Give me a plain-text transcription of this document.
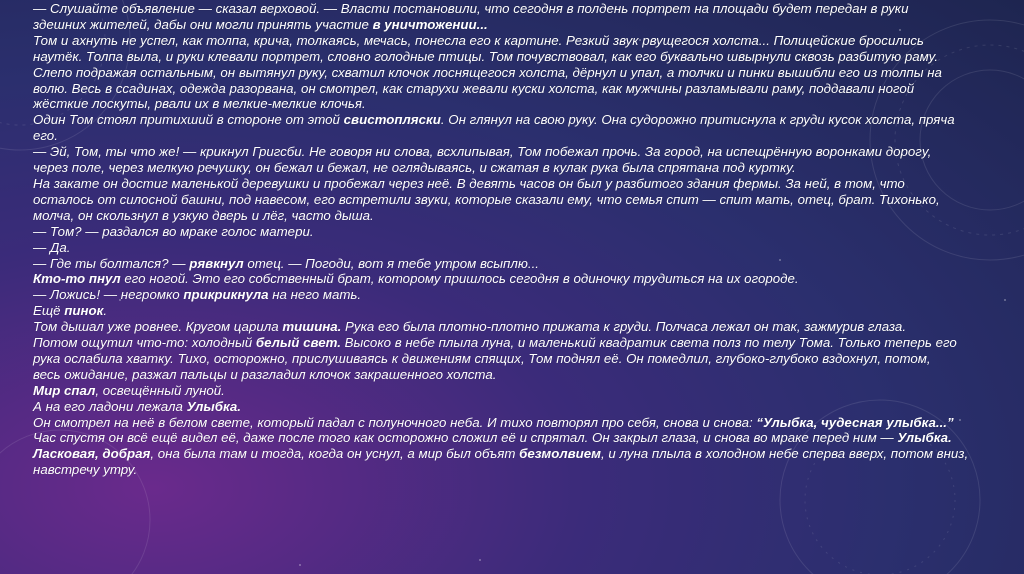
— Слушайте объявление — сказал верховой. — Власти постановили, что сегодня в полдень портрет на площади будет передан в руки

здешних жителей, дабы они могли принять участие в уничтожении...

Том и ахнуть не успел, как толпа, крича, толкаясь, мечась, понесла его к картине. Резкий звук рвущегося холста... Полицейские бросились

наутёк. Толпа выла, и руки клевали портрет, словно голодные птицы. Том почувствовал, как его буквально швырнули сквозь разбитую раму.

Слепо подражая остальным, он вытянул руку, схватил клочок лоснящегося холста, дёрнул и упал, а толчки и пинки вышибли его из толпы на

волю. Весь в ссадинах, одежда разорвана, он смотрел, как старухи жевали куски холста, как мужчины разламывали раму, поддавали ногой

жёсткие лоскуты, рвали их в мелкие-мелкие клочья.

Один Том стоял притихший в стороне от этой свистопляски. Он глянул на свою руку. Она судорожно притиснула к груди кусок холста, пряча

его.

— Эй, Том, ты что же! — крикнул Григсби. Не говоря ни слова, всхлипывая, Том побежал прочь. За город, на испещрённую воронками дорогу,

через поле, через мелкую речушку, он бежал и бежал, не оглядываясь, и сжатая в кулак рука была спрятана под куртку.

На закате он достиг маленькой деревушки и пробежал через неё. В девять часов он был у разбитого здания фермы. За ней, в том, что

осталось от силосной башни, под навесом, его встретили звуки, которые сказали ему, что семья спит — спит мать, отец, брат. Тихонько,

молча, он скользнул в узкую дверь и лёг, часто дыша.

— Том? — раздался во мраке голос матери.

— Да.

— Где ты болтался? — рявкнул отец. — Погоди, вот я тебе утром всыплю...

Кто-то пнул его ногой. Это его собственный брат, которому пришлось сегодня в одиночку трудиться на их огороде.

— Ложись! — негромко прикрикнула на него мать.

Ещё пинок.

Том дышал уже ровнее. Кругом царила тишина. Рука его была плотно-плотно прижата к груди. Полчаса лежал он так, зажмурив глаза.

Потом ощутил что-то: холодный белый свет. Высоко в небе плыла луна, и маленький квадратик света полз по телу Тома. Только теперь его

рука ослабила хватку. Тихо, осторожно, прислушиваясь к движениям спящих, Том поднял её. Он помедлил, глубоко-глубоко вздохнул, потом,

весь ожидание, разжал пальцы и разгладил клочок закрашенного холста.

Мир спал, освещённый луной.

А на его ладони лежала Улыбка.

Он смотрел на неё в белом свете, который падал с полуночного неба. И тихо повторял про себя, снова и снова: “Улыбка, чудесная улыбка...”

Час спустя он всё ещё видел её, даже после того как осторожно сложил её и спрятал. Он закрыл глаза, и снова во мраке перед ним — Улыбка.

Ласковая, добрая, она была там и тогда, когда он уснул, а мир был объят безмолвием, и луна плыла в холодном небе сперва вверх, потом вниз,

навстречу утру.
